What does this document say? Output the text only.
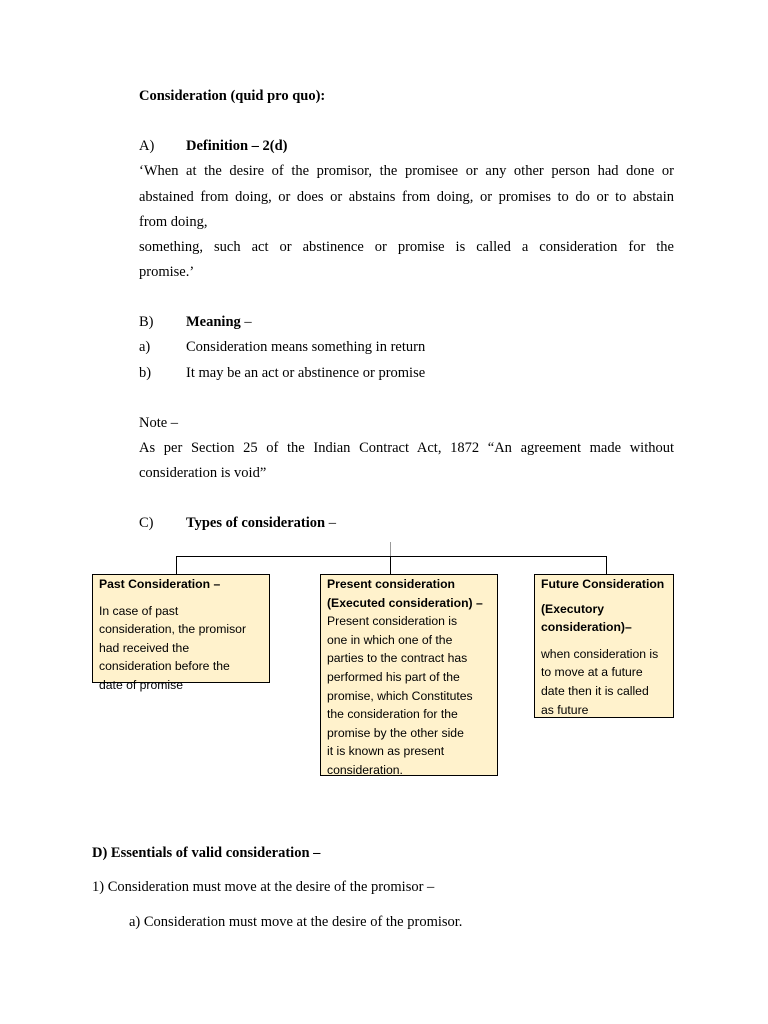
Consideration (quid pro quo):
A) Definition – 2(d)
‘When at the desire of the promisor, the promisee or any other person had done or
abstained from doing, or does or abstains from doing, or promises to do or to abstain
from doing,
something, such act or abstinence or promise is called a consideration for the
promise.’
B) Meaning –
a) Consideration means something in return
b) It may be an act or abstinence or promise
Note –
As per Section 25 of the Indian Contract Act, 1872 “An agreement made without
consideration is void”
C) Types of consideration –
Past Consideration –
In case of past
consideration, the promisor
had received the
consideration before the
date of promise
Present consideration
(Executed consideration) –
Present consideration is
one in which one of the
parties to the contract has
performed his part of the
promise, which Constitutes
the consideration for the
promise by the other side
it is known as present
consideration.
Future Consideration
(Executory
consideration)–
when consideration is
to move at a future
date then it is called
as future
D) Essentials of valid consideration –
1) Consideration must move at the desire of the promisor –
a) Consideration must move at the desire of the promisor.
